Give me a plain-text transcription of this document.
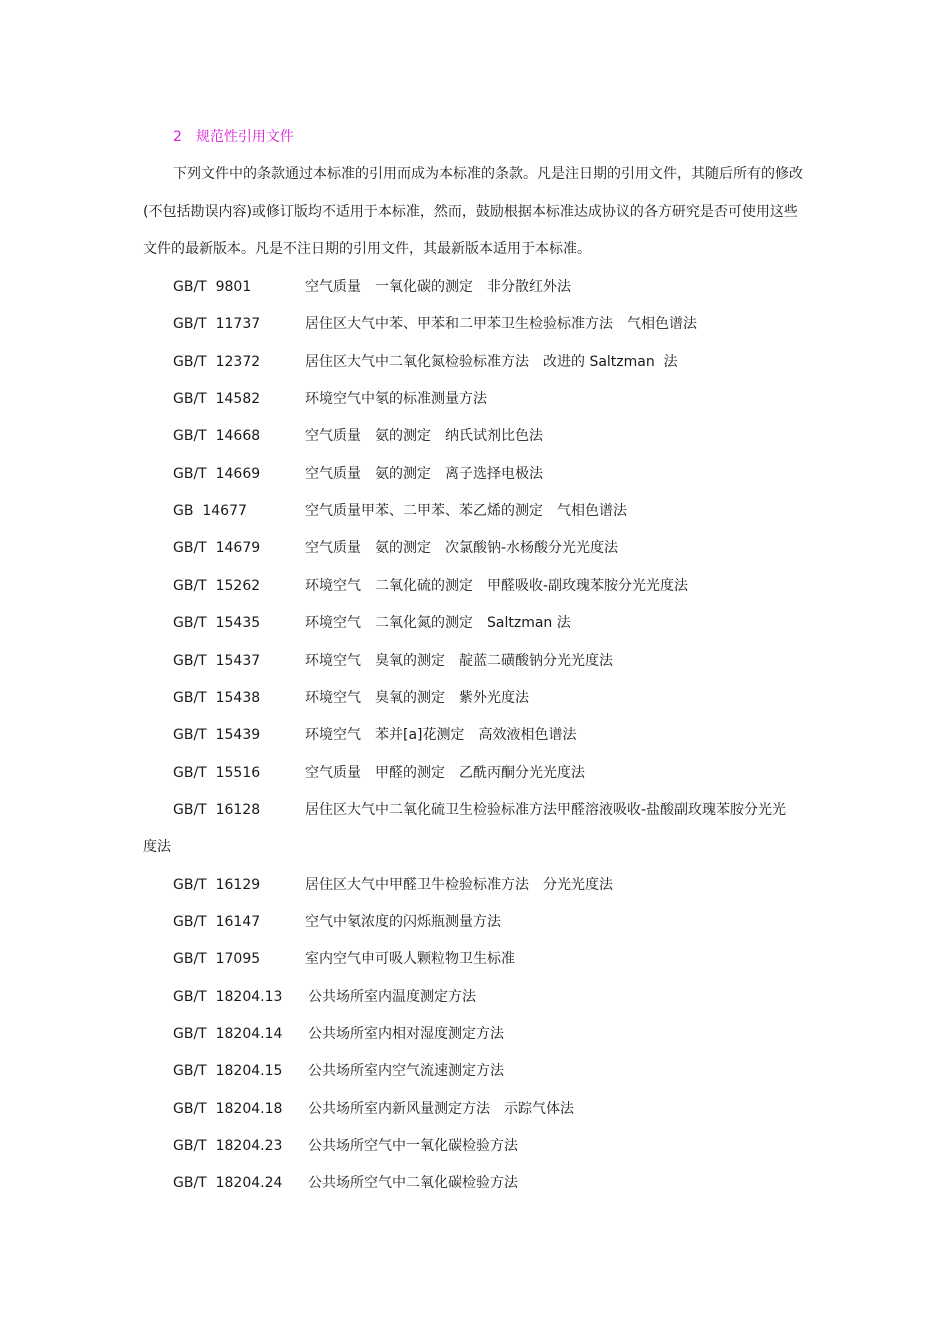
2　规范性引用文件

下列文件中的条款通过本标准的引用而成为本标准的条款。凡是注日期的引用文件，其随后所有的修改(不包括勘误内容)或修订版均不适用于本标准，然而，鼓励根据本标准达成协议的各方研究是否可使用这些文件的最新版本。凡是不注日期的引用文件，其最新版本适用于本标准。

GB/T  9801	空气质量　一氧化碳的测定　非分散红外法
GB/T  11737	居住区大气中苯、甲苯和二甲苯卫生检验标准方法　气相色谱法
GB/T  12372	居住区大气中二氧化氮检验标准方法　改进的 Saltzman  法
GB/T  14582	环境空气中氡的标准测量方法
GB/T  14668	空气质量　氨的测定　纳氏试剂比色法
GB/T  14669	空气质量　氨的测定　离子选择电极法
GB  14677	空气质量甲苯、二甲苯、苯乙烯的测定　气相色谱法
GB/T  14679	空气质量　氨的测定　次氯酸钠-水杨酸分光光度法
GB/T  15262	环境空气　二氧化硫的测定　甲醛吸收-副玫瑰苯胺分光光度法
GB/T  15435	环境空气　二氧化氮的测定　Saltzman 法
GB/T  15437	环境空气　臭氧的测定　靛蓝二磺酸钠分光光度法
GB/T  15438	环境空气　臭氧的测定　紫外光度法
GB/T  15439	环境空气　苯并[a]花测定　高效液相色谱法
GB/T  15516	空气质量　甲醛的测定　乙酰丙酮分光光度法
GB/T  16128	居住区大气中二氧化硫卫生检验标准方法甲醛溶液吸收-盐酸副玫瑰苯胺分光光
度法
GB/T  16129	居住区大气中甲醛卫牛检验标准方法　分光光度法
GB/T  16147	空气中氡浓度的闪烁瓶测量方法
GB/T  17095	室内空气申可吸人颗粒物卫生标准
GB/T  18204.13 公共场所室内温度测定方法
GB/T  18204.14 公共场所室内相对湿度测定方法
GB/T  18204.15 公共场所室内空气流速测定方法
GB/T  18204.18 公共场所室内新风量测定方法　示踪气体法
GB/T  18204.23 公共场所空气中一氧化碳检验方法
GB/T  18204.24 公共场所空气中二氧化碳检验方法
